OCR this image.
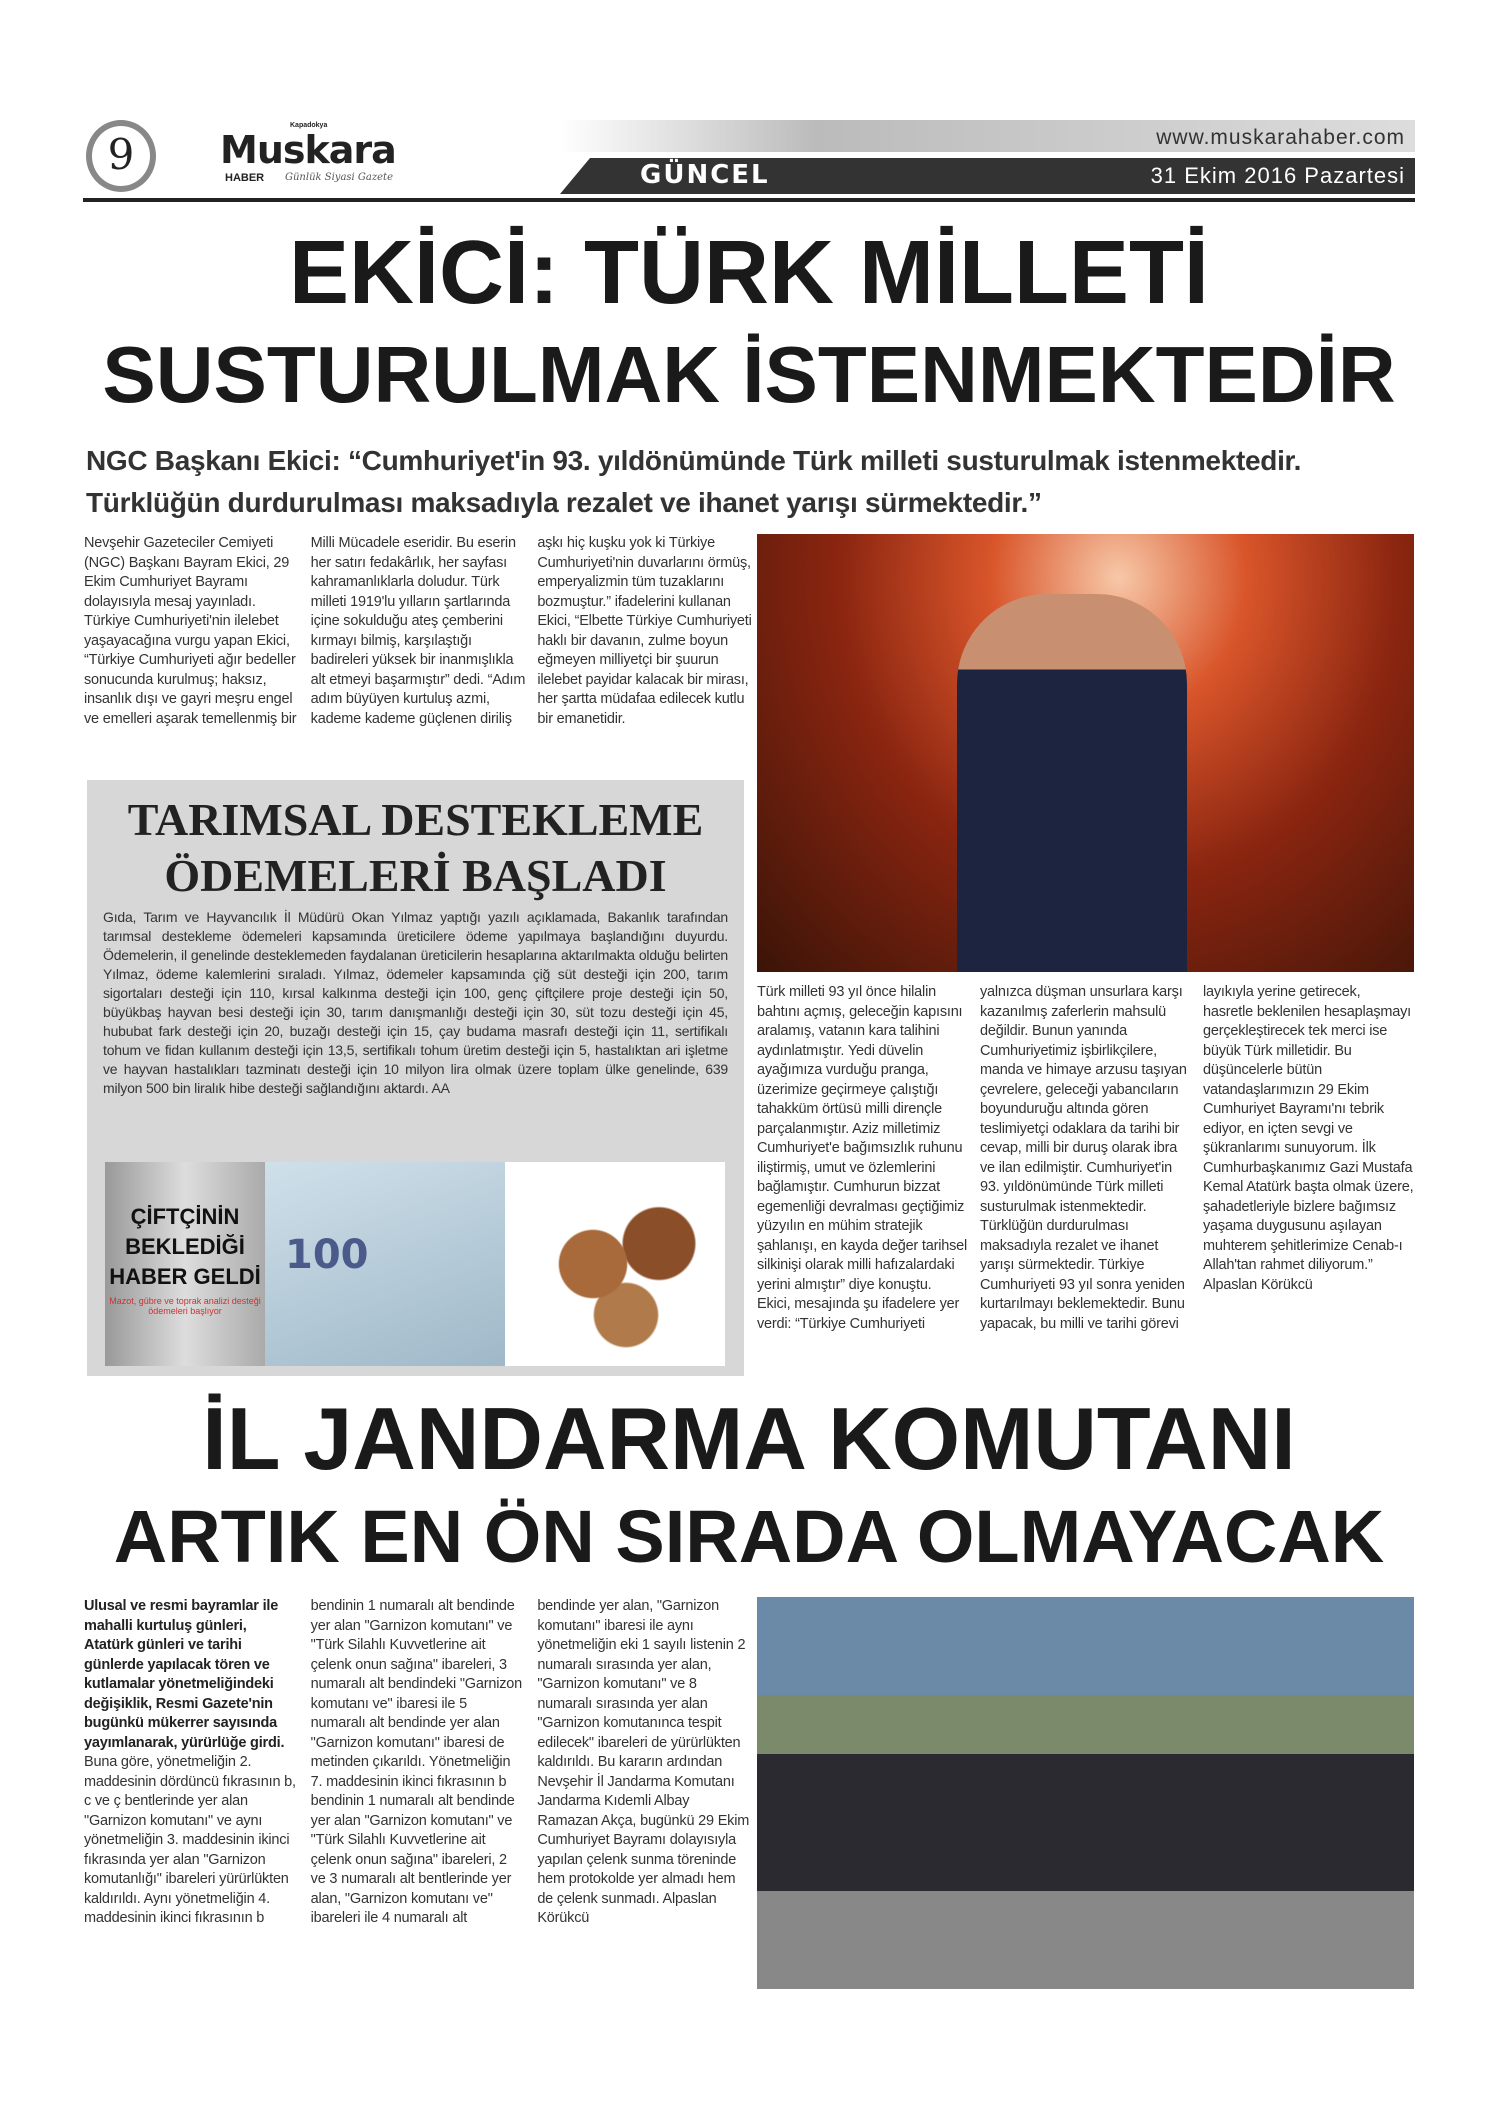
9
Kapadokya
Muskara
HABER Günlük Siyasi Gazete
www.muskarahaber.com
GÜNCEL	31 Ekim 2016 Pazartesi
EKİCİ: TÜRK MİLLETİ
SUSTURULMAK İSTENMEKTEDİR
NGC Başkanı Ekici: “Cumhuriyet'in 93. yıldönümünde Türk milleti susturulmak istenmektedir. Türklüğün durdurulması maksadıyla rezalet ve ihanet yarışı sürmektedir.”
Nevşehir Gazeteciler Cemiyeti (NGC) Başkanı Bayram Ekici, 29 Ekim Cumhuriyet Bayramı dolayısıyla mesaj yayınladı. Türkiye Cumhuriyeti'nin ilelebet yaşayacağına vurgu yapan Ekici, “Türkiye Cumhuriyeti ağır bedeller sonucunda kurulmuş; haksız, insanlık dışı ve gayri meşru engel ve emelleri aşarak temellenmiş bir Milli Mücadele eseridir. Bu eserin her satırı fedakârlık, her sayfası kahramanlıklarla doludur. Türk milleti 1919'lu yılların şartlarında içine sokulduğu ateş çemberini kırmayı bilmiş, karşılaştığı badireleri yüksek bir inanmışlıkla alt etmeyi başarmıştır” dedi. “Adım adım büyüyen kurtuluş azmi, kademe kademe güçlenen diriliş aşkı hiç kuşku yok ki Türkiye Cumhuriyeti'nin duvarlarını örmüş, emperyalizmin tüm tuzaklarını bozmuştur.” ifadelerini kullanan Ekici, “Elbette Türkiye Cumhuriyeti haklı bir davanın, zulme boyun eğmeyen milliyetçi bir şuurun ilelebet payidar kalacak bir mirası, her şartta müdafaa edilecek kutlu bir emanetidir.
TARIMSAL DESTEKLEME
ÖDEMELERİ BAŞLADI
Gıda, Tarım ve Hayvancılık İl Müdürü Okan Yılmaz yaptığı yazılı açıklamada, Bakanlık tarafından tarımsal destekleme ödemeleri kapsamında üreticilere ödeme yapılmaya başlandığını duyurdu. Ödemelerin, il genelinde desteklemeden faydalanan üreticilerin hesaplarına aktarılmakta olduğu belirten Yılmaz, ödeme kalemlerini sıraladı. Yılmaz, ödemeler kapsamında çiğ süt desteği için 200, tarım sigortaları desteği için 110, kırsal kalkınma desteği için 100, genç çiftçilere proje desteği için 50, büyükbaş hayvan besi desteği için 30, tarım danışmanlığı desteği için 30, süt tozu desteği için 45, hububat fark desteği için 20, buzağı desteği için 15, çay budama masrafı desteği için 11, sertifikalı tohum ve fidan kullanım desteği için 13,5, sertifikalı tohum üretim desteği için 5, hastalıktan ari işletme ve hayvan hastalıkları tazminatı desteği için 10 milyon lira olmak üzere toplam ülke genelinde, 639 milyon 500 bin liralık hibe desteği sağlandığını aktardı. AA
ÇİFTÇİNİN BEKLEDİĞİ HABER GELDİ
Mazot, gübre ve toprak analizi desteği ödemeleri başlıyor
100
Türk milleti 93 yıl önce hilalin bahtını açmış, geleceğin kapısını aralamış, vatanın kara talihini aydınlatmıştır. Yedi düvelin ayağımıza vurduğu pranga, üzerimize geçirmeye çalıştığı tahakküm örtüsü milli dirençle parçalanmıştır. Aziz milletimiz Cumhuriyet'e bağımsızlık ruhunu iliştirmiş, umut ve özlemlerini bağlamıştır. Cumhurun bizzat egemenliği devralması geçtiğimiz yüzyılın en mühim stratejik şahlanışı, en kayda değer tarihsel silkinişi olarak milli hafızalardaki yerini almıştır” diye konuştu. Ekici, mesajında şu ifadelere yer verdi: “Türkiye Cumhuriyeti yalnızca düşman unsurlara karşı kazanılmış zaferlerin mahsulü değildir. Bunun yanında Cumhuriyetimiz işbirlikçilere, manda ve himaye arzusu taşıyan çevrelere, geleceği yabancıların boyunduruğu altında gören teslimiyetçi odaklara da tarihi bir cevap, milli bir duruş olarak ibra ve ilan edilmiştir. Cumhuriyet'in 93. yıldönümünde Türk milleti susturulmak istenmektedir. Türklüğün durdurulması maksadıyla rezalet ve ihanet yarışı sürmektedir. Türkiye Cumhuriyeti 93 yıl sonra yeniden kurtarılmayı beklemektedir. Bunu yapacak, bu milli ve tarihi görevi layıkıyla yerine getirecek, hasretle beklenilen hesaplaşmayı gerçekleştirecek tek merci ise büyük Türk milletidir. Bu düşüncelerle bütün vatandaşlarımızın 29 Ekim Cumhuriyet Bayramı'nı tebrik ediyor, en içten sevgi ve şükranlarımı sunuyorum. İlk Cumhurbaşkanımız Gazi Mustafa Kemal Atatürk başta olmak üzere, şahadetleriyle bizlere bağımsız yaşama duygusunu aşılayan muhterem şehitlerimize Cenab-ı Allah'tan rahmet diliyorum.” Alpaslan Körükcü
İL JANDARMA KOMUTANI
ARTIK EN ÖN SIRADA OLMAYACAK
Ulusal ve resmi bayramlar ile mahalli kurtuluş günleri, Atatürk günleri ve tarihi günlerde yapılacak tören ve kutlamalar yönetmeliğindeki değişiklik, Resmi Gazete'nin bugünkü mükerrer sayısında yayımlanarak, yürürlüğe girdi. Buna göre, yönetmeliğin 2. maddesinin dördüncü fıkrasının b, c ve ç bentlerinde yer alan "Garnizon komutanı" ve aynı yönetmeliğin 3. maddesinin ikinci fıkrasında yer alan "Garnizon komutanlığı" ibareleri yürürlükten kaldırıldı. Aynı yönetmeliğin 4. maddesinin ikinci fıkrasının b bendinin 1 numaralı alt bendinde yer alan "Garnizon komutanı" ve "Türk Silahlı Kuvvetlerine ait çelenk onun sağına" ibareleri, 3 numaralı alt bendindeki "Garnizon komutanı ve" ibaresi ile 5 numaralı alt bendinde yer alan "Garnizon komutanı" ibaresi de metinden çıkarıldı. Yönetmeliğin 7. maddesinin ikinci fıkrasının b bendinin 1 numaralı alt bendinde yer alan "Garnizon komutanı" ve "Türk Silahlı Kuvvetlerine ait çelenk onun sağına" ibareleri, 2 ve 3 numaralı alt bentlerinde yer alan, "Garnizon komutanı ve" ibareleri ile 4 numaralı alt bendinde yer alan, "Garnizon komutanı" ibaresi ile aynı yönetmeliğin eki 1 sayılı listenin 2 numaralı sırasında yer alan, "Garnizon komutanı" ve 8 numaralı sırasında yer alan "Garnizon komutanınca tespit edilecek" ibareleri de yürürlükten kaldırıldı. Bu kararın ardından Nevşehir İl Jandarma Komutanı Jandarma Kıdemli Albay Ramazan Akça, bugünkü 29 Ekim Cumhuriyet Bayramı dolayısıyla yapılan çelenk sunma töreninde hem protokolde yer almadı hem de çelenk sunmadı. Alpaslan Körükcü
